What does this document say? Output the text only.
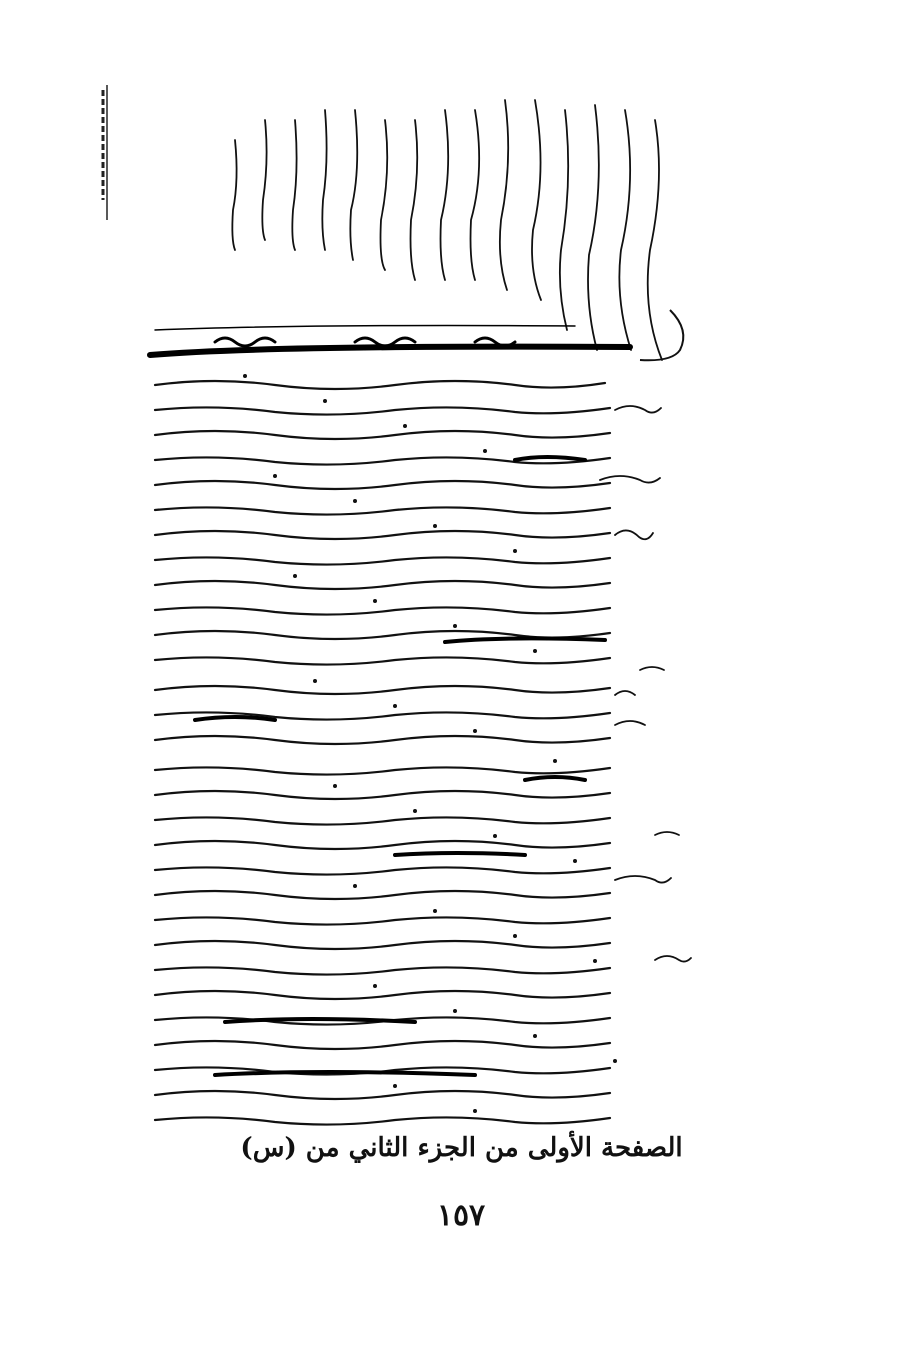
الصفحة الأولى من الجزء الثاني من (س)
١٥٧
